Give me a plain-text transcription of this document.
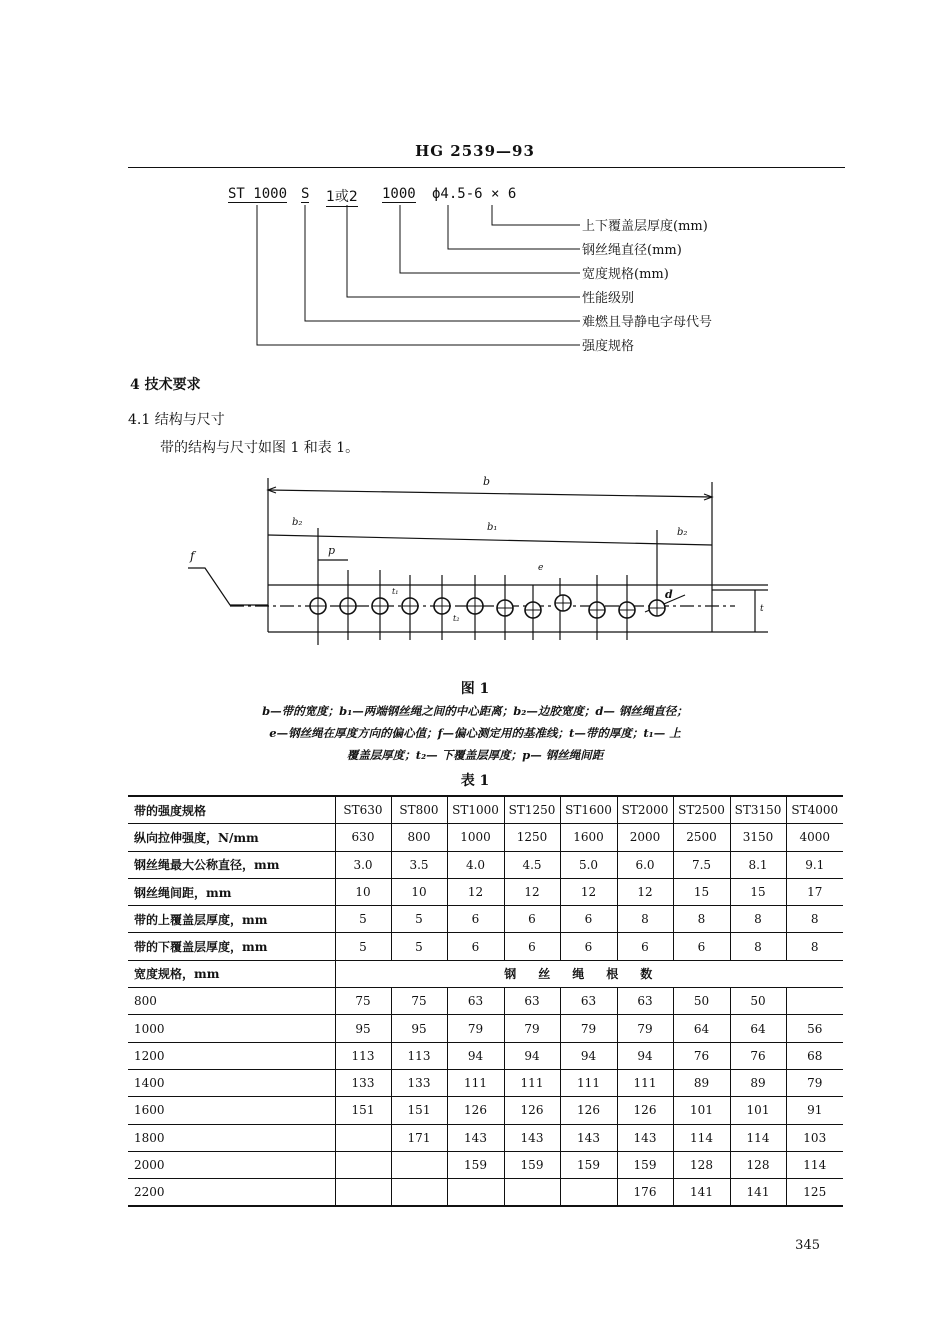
HG 2539—93
ST 1000 S 1或2 1000 ϕ4.5-6 × 6
上下覆盖层厚度(mm)
钢丝绳直径(mm)
宽度规格(mm)
性能级别
难燃且导静电字母代号
强度规格
4 技术要求
4.1 结构与尺寸
带的结构与尺寸如图 1 和表 1。
b
b₂	b₁	b₂
p
f
d
e
t
t₁
t₂
图 1
b—带的宽度；b₁—两端钢丝绳之间的中心距离；b₂—边胶宽度；d— 钢丝绳直径；
e—钢丝绳在厚度方向的偏心值；f—偏心测定用的基准线；t—带的厚度；t₁— 上
覆盖层厚度；t₂— 下覆盖层厚度；p— 钢丝绳间距
表 1
带的强度规格	ST630	ST800	ST1000	ST1250	ST1600	ST2000	ST2500	ST3150	ST4000
纵向拉伸强度，N/mm	630	800	1000	1250	1600	2000	2500	3150	4000
钢丝绳最大公称直径，mm	3.0	3.5	4.0	4.5	5.0	6.0	7.5	8.1	9.1
钢丝绳间距，mm	10	10	12	12	12	12	15	15	17
带的上覆盖层厚度，mm	5	5	6	6	6	8	8	8	8
带的下覆盖层厚度，mm	5	5	6	6	6	6	6	8	8
宽度规格，mm	钢丝绳根数								
800	75	75	63	63	63	63	50	50	
1000	95	95	79	79	79	79	64	64	56
1200	113	113	94	94	94	94	76	76	68
1400	133	133	111	111	111	111	89	89	79
1600	151	151	126	126	126	126	101	101	91
1800		171	143	143	143	143	114	114	103
2000			159	159	159	159	128	128	114
2200						176	141	141	125
345
